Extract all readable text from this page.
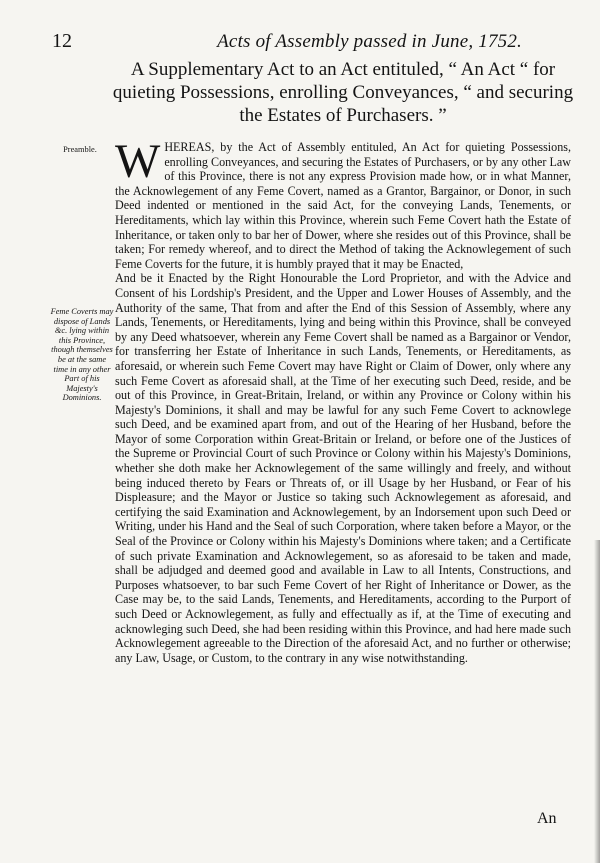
12	Acts of Assembly passed in June, 1752.
A Supplementary Act to an Act entituled, “ An Act “ for quieting Possessions, enrolling Conveyances, “ and securing the Estates of Purchasers. ”
Preamble.
Feme Coverts may dispose of Lands &c. lying within this Province, though themselves be at the same time in any other Part of his Majesty's Dominions.
W HEREAS, by the Act of Assembly entituled, An Act for quieting Possessions, enrolling Conveyances, and securing the Estates of Purchasers, or by any other Law of this Province, there is not any express Provision made how, or in what Manner, the Acknowlegement of any Feme Covert, named as a Grantor, Bargainor, or Donor, in such Deed indented or mentioned in the said Act, for the conveying Lands, Tenements, or Hereditaments, which lay within this Province, wherein such Feme Covert hath the Estate of Inheritance, or taken only to bar her of Dower, where she resides out of this Province, shall be taken; For remedy whereof, and to direct the Method of taking the Acknowlegement of such Feme Coverts for the future, it is humbly prayed that it may be Enacted,

And be it Enacted by the Right Honourable the Lord Proprietor, and with the Advice and Consent of his Lordship's President, and the Upper and Lower Houses of Assembly, and the Authority of the same, That from and after the End of this Session of Assembly, where any Lands, Tenements, or Hereditaments, lying and being within this Province, shall be conveyed by any Deed whatsoever, wherein any Feme Covert shall be named as a Bargainor or Vendor, for transferring her Estate of Inheritance in such Lands, Tenements, or Hereditaments, as aforesaid, or wherein such Feme Covert may have Right or Claim of Dower, only where any such Feme Covert as aforesaid shall, at the Time of her executing such Deed, reside, and be out of this Province, in Great-Britain, Ireland, or within any Province or Colony within his Majesty's Dominions, it shall and may be lawful for any such Feme Covert to acknowlege such Deed, and be examined apart from, and out of the Hearing of her Husband, before the Mayor of some Corporation within Great-Britain or Ireland, or before one of the Justices of the Supreme or Provincial Court of such Province or Colony within his Majesty's Dominions, whether she doth make her Acknowlegement of the same willingly and freely, and without being induced thereto by Fears or Threats of, or ill Usage by her Husband, or Fear of his Displeasure; and the Mayor or Justice so taking such Acknowlegement as aforesaid, and certifying the said Examination and Acknowlegement, by an Indorsement upon such Deed or Writing, under his Hand and the Seal of such Corporation, where taken before a Mayor, or the Seal of the Province or Colony within his Majesty's Dominions where taken; and a Certificate of such private Examination and Acknowlegement, so as aforesaid to be taken and made, shall be adjudged and deemed good and available in Law to all Intents, Constructions, and Purposes whatsoever, to bar such Feme Covert of her Right of Inheritance or Dower, as the Case may be, to the said Lands, Tenements, and Hereditaments, according to the Purport of such Deed or Acknowlegement, as fully and effectually as if, at the Time of executing and acknowleging such Deed, she had been residing within this Province, and had here made such Acknowlegement agreeable to the Direction of the aforesaid Act, and no further or otherwise; any Law, Usage, or Custom, to the contrary in any wise notwithstanding.

An
